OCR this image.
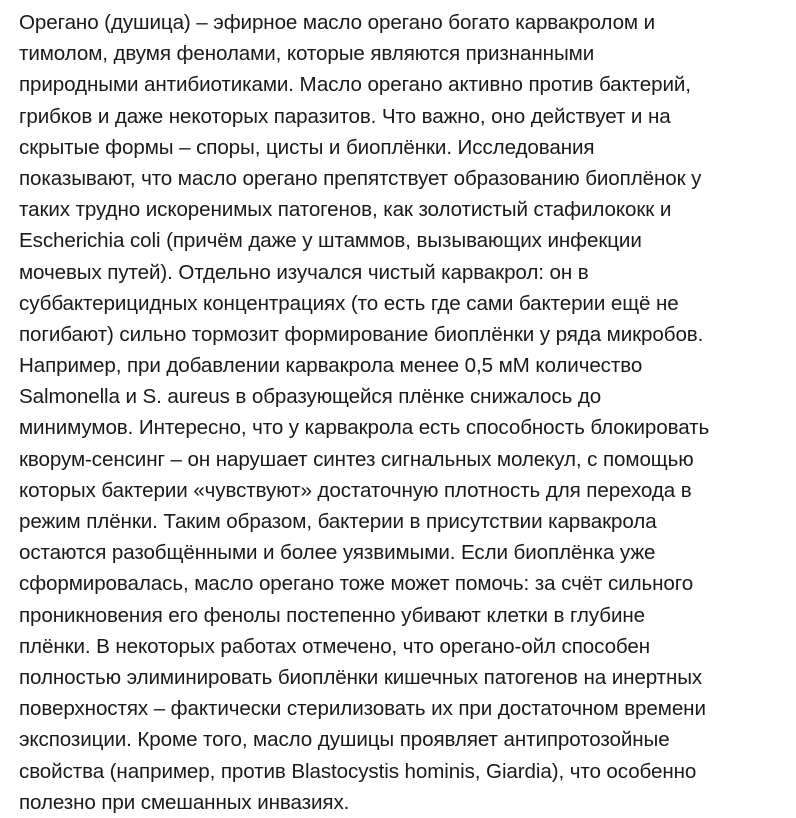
Орегано (душица) – эфирное масло орегано богато карвакролом и
тимолом, двумя фенолами, которые являются признанными
природными антибиотиками. Масло орегано активно против бактерий,
грибков и даже некоторых паразитов. Что важно, оно действует и на
скрытые формы – споры, цисты и биоплёнки. Исследования
показывают, что масло орегано препятствует образованию биоплёнок у
таких трудно искоренимых патогенов, как золотистый стафилококк и
Escherichia coli (причём даже у штаммов, вызывающих инфекции
мочевых путей). Отдельно изучался чистый карвакрол: он в
суббактерицидных концентрациях (то есть где сами бактерии ещё не
погибают) сильно тормозит формирование биоплёнки у ряда микробов.
Например, при добавлении карвакрола менее 0,5 мМ количество
Salmonella и S. aureus в образующейся плёнке снижалось до
минимумов. Интересно, что у карвакрола есть способность блокировать
кворум-сенсинг – он нарушает синтез сигнальных молекул, с помощью
которых бактерии «чувствуют» достаточную плотность для перехода в
режим плёнки. Таким образом, бактерии в присутствии карвакрола
остаются разобщёнными и более уязвимыми. Если биоплёнка уже
сформировалась, масло орегано тоже может помочь: за счёт сильного
проникновения его фенолы постепенно убивают клетки в глубине
плёнки. В некоторых работах отмечено, что орегано-ойл способен
полностью элиминировать биоплёнки кишечных патогенов на инертных
поверхностях – фактически стерилизовать их при достаточном времени
экспозиции. Кроме того, масло душицы проявляет антипротозойные
свойства (например, против Blastocystis hominis, Giardia), что особенно
полезно при смешанных инвазиях.
